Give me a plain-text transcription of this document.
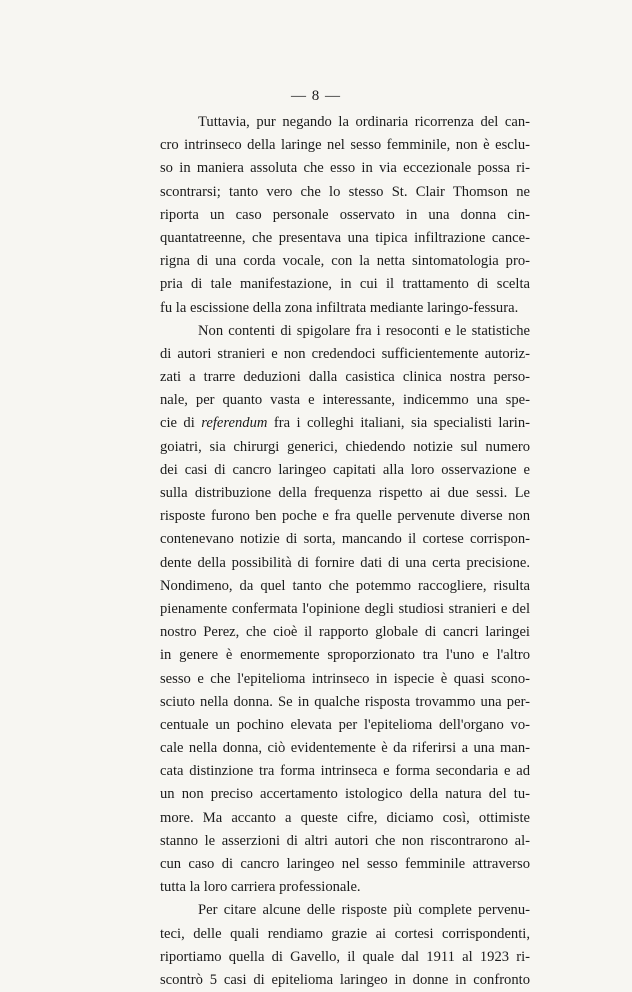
— 8 —
Tuttavia, pur negando la ordinaria ricorrenza del can-
cro intrinseco della laringe nel sesso femminile, non è esclu-
so in maniera assoluta che esso in via eccezionale possa ri-
scontrarsi; tanto vero che lo stesso St. Clair Thomson ne
riporta un caso personale osservato in una donna cin-
quantatreenne, che presentava una tipica infiltrazione cance-
rigna di una corda vocale, con la netta sintomatologia pro-
pria di tale manifestazione, in cui il trattamento di scelta
fu la escissione della zona infiltrata mediante laringo-fessura.
Non contenti di spigolare fra i resoconti e le statistiche
di autori stranieri e non credendoci sufficientemente autoriz-
zati a trarre deduzioni dalla casistica clinica nostra perso-
nale, per quanto vasta e interessante, indicemmo una spe-
cie di referendum fra i colleghi italiani, sia specialisti larin-
goiatri, sia chirurgi generici, chiedendo notizie sul numero
dei casi di cancro laringeo capitati alla loro osservazione e
sulla distribuzione della frequenza rispetto ai due sessi. Le
risposte furono ben poche e fra quelle pervenute diverse non
contenevano notizie di sorta, mancando il cortese corrispon-
dente della possibilità di fornire dati di una certa precisione.
Nondimeno, da quel tanto che potemmo raccogliere, risulta
pienamente confermata l'opinione degli studiosi stranieri e del
nostro Perez, che cioè il rapporto globale di cancri laringei
in genere è enormemente sproporzionato tra l'uno e l'altro
sesso e che l'epitelioma intrinseco in ispecie è quasi scono-
sciuto nella donna. Se in qualche risposta trovammo una per-
centuale un pochino elevata per l'epitelioma dell'organo vo-
cale nella donna, ciò evidentemente è da riferirsi a una man-
cata distinzione tra forma intrinseca e forma secondaria e ad
un non preciso accertamento istologico della natura del tu-
more. Ma accanto a queste cifre, diciamo così, ottimiste
stanno le asserzioni di altri autori che non riscontrarono al-
cun caso di cancro laringeo nel sesso femminile attraverso
tutta la loro carriera professionale.
Per citare alcune delle risposte più complete pervenu-
teci, delle quali rendiamo grazie ai cortesi corrispondenti,
riportiamo quella di Gavello, il quale dal 1911 al 1923 ri-
scontrò 5 casi di epitelioma laringeo in donne in confronto
